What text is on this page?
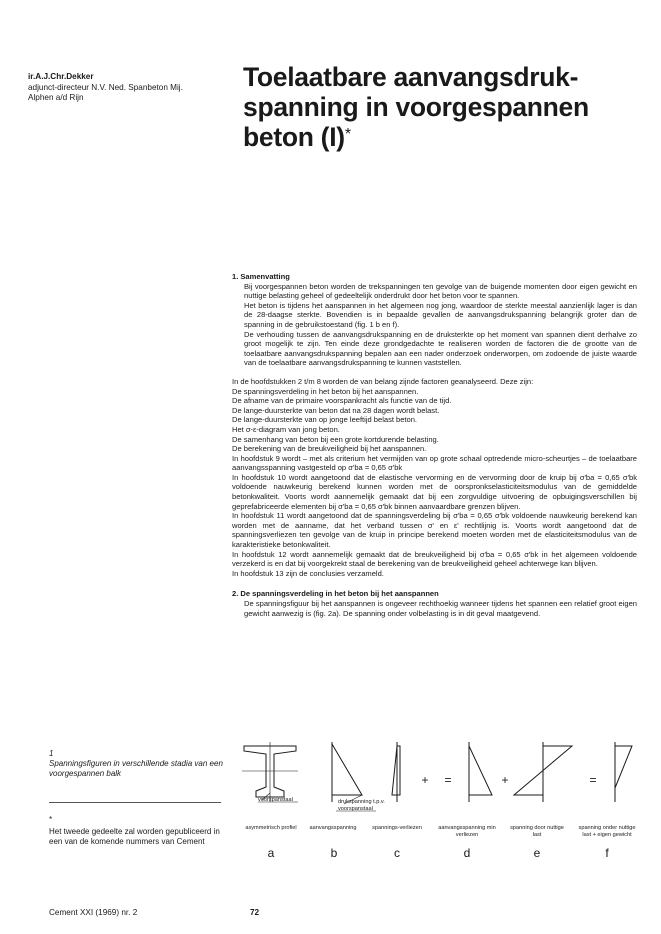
ir.A.J.Chr.Dekker
adjunct-directeur N.V. Ned. Spanbeton Mij.
Alphen a/d Rijn
Toelaatbare aanvangsdruk- spanning in voorgespannen beton (I)*
1. Samenvatting

Bij voorgespannen beton worden de trekspanningen ten gevolge van de buigende momenten door eigen gewicht en nuttige belasting geheel of gedeeltelijk onderdrukt door het beton voor te spannen.

Het beton is tijdens het aanspannen in het algemeen nog jong, waardoor de sterkte meestal aanzienlijk lager is dan de 28-daagse sterkte. Bovendien is in bepaalde gevallen de aanvangsdrukspanning belangrijk groter dan de spanning in de gebruikstoestand (fig. 1 b en f).

De verhouding tussen de aanvangsdrukspanning en de druksterkte op het moment van spannen dient derhalve zo groot mogelijk te zijn. Ten einde deze grondgedachte te realiseren worden de factoren die de grootte van de toelaatbare aanvangsdrukspanning bepalen aan een nader onderzoek onderworpen, om zodoende de juiste waarde van de toelaatbare aanvangsdrukspanning te kunnen vaststellen.

In de hoofdstukken 2 t/m 8 worden de van belang zijnde factoren geanalyseerd. Deze zijn:

De spanningsverdeling in het beton bij het aanspannen.

De afname van de primaire voorspankracht als functie van de tijd.

De lange-duursterkte van beton dat na 28 dagen wordt belast.

De lange-duursterkte van op jonge leeftijd belast beton.

Het σ-ε-diagram van jong beton.

De samenhang van beton bij een grote kortdurende belasting.

De berekening van de breukveiligheid bij het aanspannen.

In hoofdstuk 9 wordt – met als criterium het vermijden van op grote schaal optredende micro-scheurtjes – de toelaatbare aanvangsspanning vastgesteld op σ'ba = 0,65 σ'bk

In hoofdstuk 10 wordt aangetoond dat de elastische vervorming en de vervorming door de kruip bij σ'ba = 0,65 σ'bk voldoende nauwkeurig berekend kunnen worden met de oorspronkselasticiteitsmodulus van de gemiddelde betonkwaliteit. Voorts wordt aannemelijk gemaakt dat bij een zorgvuldige uitvoering de opbuigingsverschillen bij geprefabriceerde elementen bij σ'ba = 0,65 σ'bk binnen aanvaardbare grenzen blijven.

In hoofdstuk 11 wordt aangetoond dat de spanningsverdeling bij σ'ba = 0,65 σ'bk voldoende nauwkeurig berekend kan worden met de aanname, dat het verband tussen σ' en ε' rechtlijnig is. Voorts wordt aangetoond dat de spanningsverliezen ten gevolge van de kruip in principe berekend moeten worden met de elasticiteitsmodulus van de karakteristieke betonkwaliteit.

In hoofdstuk 12 wordt aannemelijk gemaakt dat de breukveiligheid bij σ'ba = 0,65 σ'bk in het algemeen voldoende verzekerd is en dat bij voorgekrekt staal de berekening van de breukveiligheid geheel achterwege kan blijven.

In hoofdstuk 13 zijn de conclusies verzameld.

2. De spanningsverdeling in het beton bij het aanspannen

De spanningsfiguur bij het aanspannen is ongeveer rechthoekig wanneer tijdens het spannen een relatief groot eigen gewicht aanwezig is (fig. 2a). De spanning onder volbelasting is in dit geval maatgevend.

1
Spanningsfiguren in verschillende stadia van een voorgespannen balk
*
Het tweede gedeelte zal worden gepubliceerd in een van de komende nummers van Cement
+	=	+	=
voorspanstaal	drukspanning t.p.v. voorspanstaal
asymmetrisch profiel	aanvangsspanning	spannings-verliezen	aanvangsspanning min verliezen
spanning door nuttige last
spanning onder nuttige last + eigen gewicht
a	b	c	d	e	f
Cement XXI (1969) nr. 2	72
